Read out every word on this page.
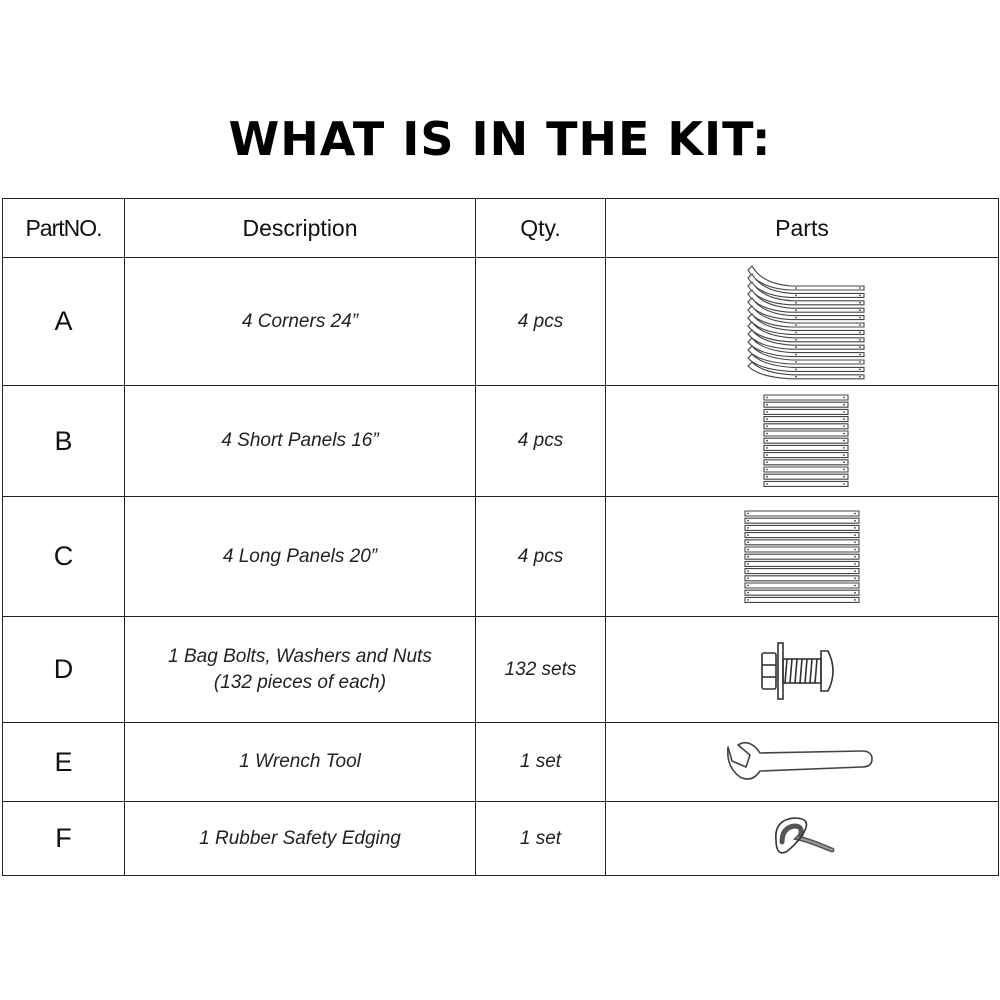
WHAT IS IN THE KIT:
PartNO.	Description	Qty.	Parts
A	4 Corners 24”	4 pcs	

B	4 Short Panels 16”	4 pcs	

C	4 Long Panels 20”	4 pcs	

D	1 Bag Bolts, Washers and Nuts
(132 pieces of each)	132 sets	

E	1 Wrench Tool	1 set	

F	1 Rubber Safety Edging	1 set	
